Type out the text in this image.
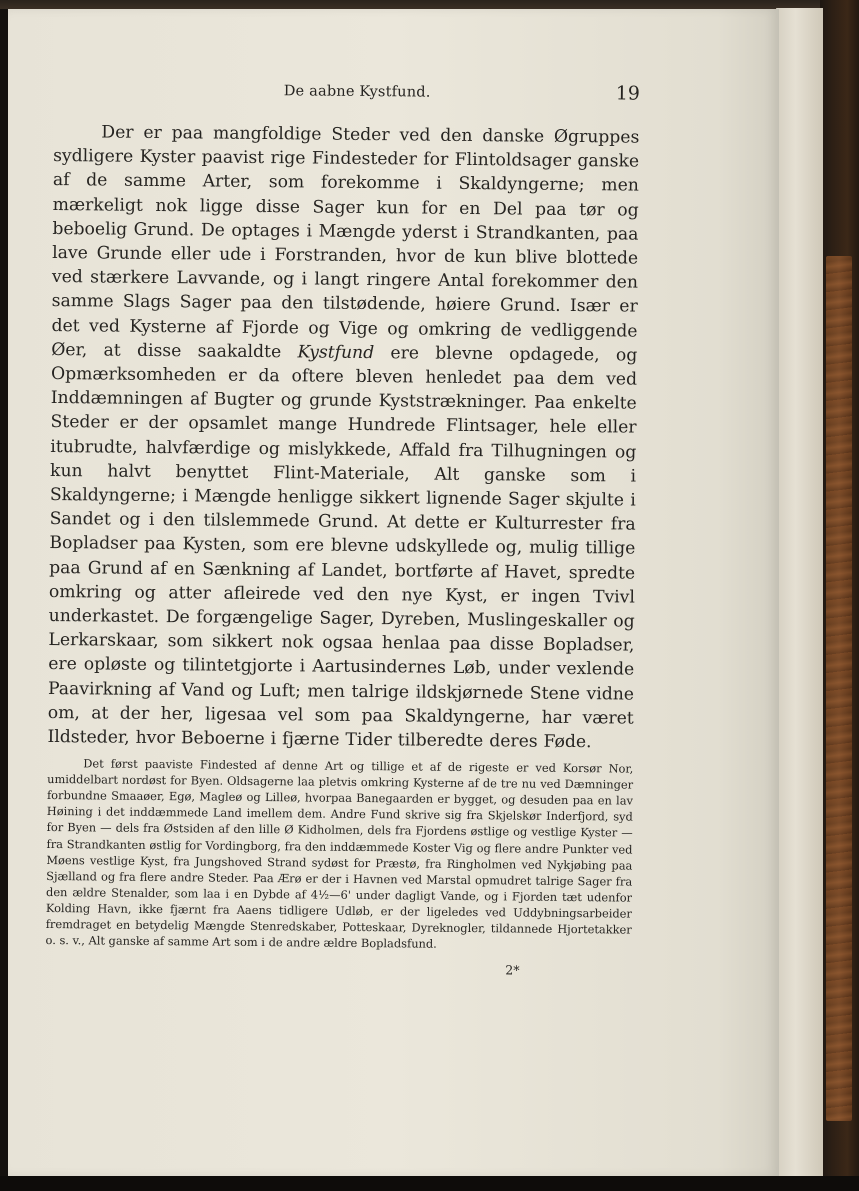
De aabne Kystfund.	19

Der er paa mangfoldige Steder ved den danske Øgruppes sydligere Kyster paavist rige Findesteder for Flintoldsager ganske af de samme Arter, som forekomme i Skaldyngerne; men mærkeligt nok ligge disse Sager kun for en Del paa tør og beboelig Grund. De optages i Mængde yderst i Strandkanten, paa lave Grunde eller ude i Forstranden, hvor de kun blive blottede ved stærkere Lavvande, og i langt ringere Antal forekommer den samme Slags Sager paa den tilstødende, høiere Grund. Især er det ved Kysterne af Fjorde og Vige og omkring de vedliggende Øer, at disse saakaldte Kystfund ere blevne opdagede, og Opmærksomheden er da oftere bleven henledet paa dem ved Inddæmningen af Bugter og grunde Kyststrækninger. Paa enkelte Steder er der opsamlet mange Hundrede Flintsager, hele eller itubrudte, halvfærdige og mislykkede, Affald fra Tilhugningen og kun halvt benyttet Flint-Materiale, Alt ganske som i Skaldyngerne; i Mængde henligge sikkert lignende Sager skjulte i Sandet og i den tilslemmede Grund. At dette er Kulturrester fra Bopladser paa Kysten, som ere blevne udskyllede og, mulig tillige paa Grund af en Sænkning af Landet, bortførte af Havet, spredte omkring og atter afleirede ved den nye Kyst, er ingen Tvivl underkastet. De forgængelige Sager, Dyreben, Muslingeskaller og Lerkarskaar, som sikkert nok ogsaa henlaa paa disse Bopladser, ere opløste og tilintetgjorte i Aartusindernes Løb, under vexlende Paavirkning af Vand og Luft; men talrige ildskjørnede Stene vidne om, at der her, ligesaa vel som paa Skaldyngerne, har været Ildsteder, hvor Beboerne i fjærne Tider tilberedte deres Føde.

Det først paaviste Findested af denne Art og tillige et af de rigeste er ved Korsør Nor, umiddelbart nordøst for Byen. Oldsagerne laa pletvis omkring Kysterne af de tre nu ved Dæmninger forbundne Smaaøer, Egø, Magleø og Lilleø, hvorpaa Banegaarden er bygget, og desuden paa en lav Høining i det inddæmmede Land imellem dem. Andre Fund skrive sig fra Skjelskør Inderfjord, syd for Byen — dels fra Østsiden af den lille Ø Kidholmen, dels fra Fjordens østlige og vestlige Kyster — fra Strandkanten østlig for Vordingborg, fra den inddæmmede Koster Vig og flere andre Punkter ved Møens vestlige Kyst, fra Jungshoved Strand sydøst for Præstø, fra Ringholmen ved Nykjøbing paa Sjælland og fra flere andre Steder. Paa Ærø er der i Havnen ved Marstal opmudret talrige Sager fra den ældre Stenalder, som laa i en Dybde af 4½—6' under dagligt Vande, og i Fjorden tæt udenfor Kolding Havn, ikke fjærnt fra Aaens tidligere Udløb, er der ligeledes ved Uddybningsarbeider fremdraget en betydelig Mængde Stenredskaber, Potteskaar, Dyreknogler, tildannede Hjortetakker o. s. v., Alt ganske af samme Art som i de andre ældre Bopladsfund.

2*
